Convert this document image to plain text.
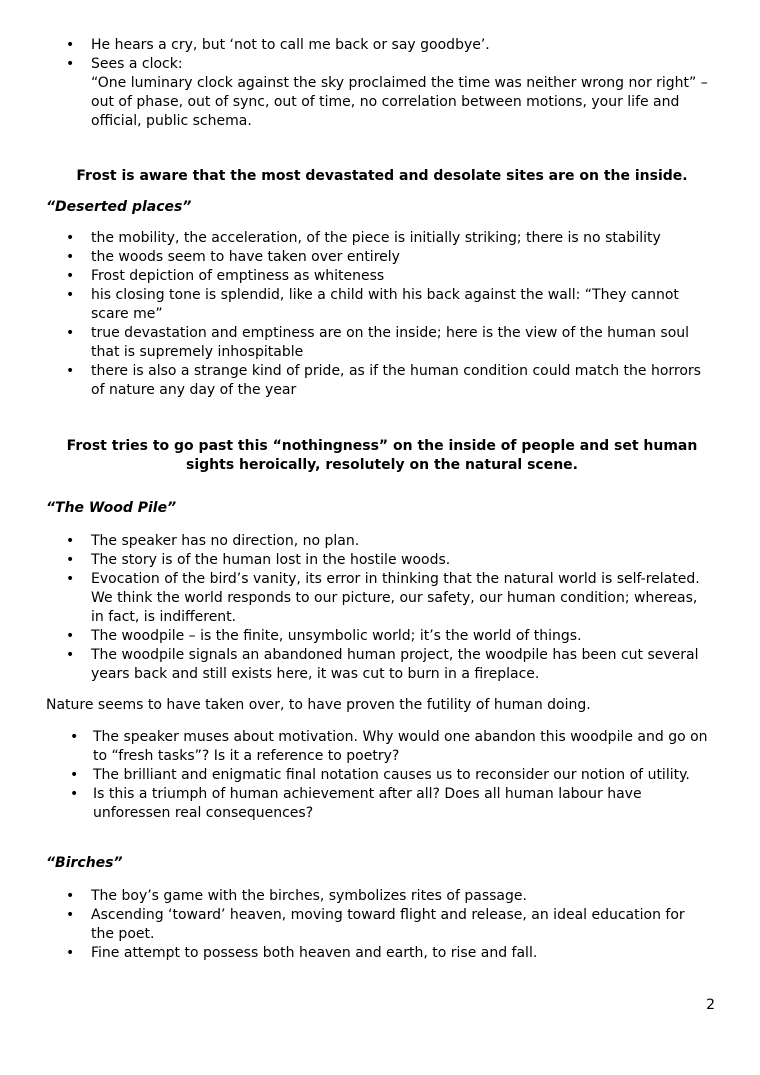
• He hears a cry, but ‘not to call me back or say goodbye’.
• Sees a clock:
“One luminary clock against the sky proclaimed the time was neither wrong nor right” –
out of phase, out of sync, out of time, no correlation between motions, your life and
official, public schema.
Frost is aware that the most devastated and desolate sites are on the inside.
“Deserted places”
• the mobility, the acceleration, of the piece is initially striking; there is no stability
• the woods seem to have taken over entirely
• Frost depiction of emptiness as whiteness
• his closing tone is splendid, like a child with his back against the wall: “They cannot
scare me”
• true devastation and emptiness are on the inside; here is the view of the human soul
that is supremely inhospitable
• there is also a strange kind of pride, as if the human condition could match the horrors
of nature any day of the year
Frost tries to go past this “nothingness” on the inside of people and set human
sights heroically, resolutely on the natural scene.
“The Wood Pile”
• The speaker has no direction, no plan.
• The story is of the human lost in the hostile woods.
• Evocation of the bird’s vanity, its error in thinking that the natural world is self-related.
We think the world responds to our picture, our safety, our human condition; whereas,
in fact, is indifferent.
• The woodpile – is the finite, unsymbolic world; it’s the world of things.
• The woodpile signals an abandoned human project, the woodpile has been cut several
years back and still exists here, it was cut to burn in a fireplace.
Nature seems to have taken over, to have proven the futility of human doing.
• The speaker muses about motivation. Why would one abandon this woodpile and go on
to “fresh tasks”? Is it a reference to poetry?
• The brilliant and enigmatic final notation causes us to reconsider our notion of utility.
• Is this a triumph of human achievement after all? Does all human labour have
unforessen real consequences?
“Birches”
• The boy’s game with the birches, symbolizes rites of passage.
• Ascending ‘toward’ heaven, moving toward flight and release, an ideal education for
the poet.
• Fine attempt to possess both heaven and earth, to rise and fall.
2
